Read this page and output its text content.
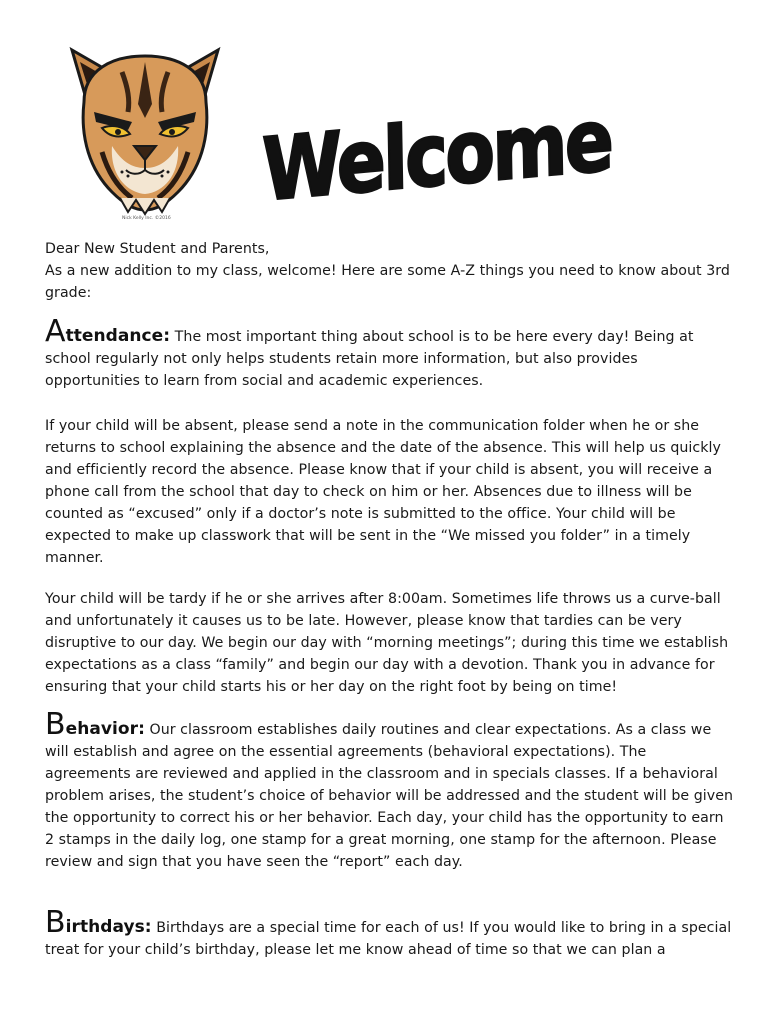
Nick Kelly Inc. ©2016 Welcome

Dear New Student and Parents,

As a new addition to my class, welcome! Here are some A-Z things you need to know about 3rd grade:

Attendance: The most important thing about school is to be here every day! Being at school regularly not only helps students retain more information, but also provides opportunities to learn from social and academic experiences.

If your child will be absent, please send a note in the communication folder when he or she returns to school explaining the absence and the date of the absence. This will help us quickly and efficiently record the absence. Please know that if your child is absent, you will receive a phone call from the school that day to check on him or her. Absences due to illness will be counted as “excused” only if a doctor’s note is submitted to the office. Your child will be expected to make up classwork that will be sent in the “We missed you folder” in a timely manner.

Your child will be tardy if he or she arrives after 8:00am. Sometimes life throws us a curve-ball and unfortunately it causes us to be late. However, please know that tardies can be very disruptive to our day. We begin our day with “morning meetings”; during this time we establish expectations as a class “family” and begin our day with a devotion. Thank you in advance for ensuring that your child starts his or her day on the right foot by being on time!

Behavior: Our classroom establishes daily routines and clear expectations. As a class we will establish and agree on the essential agreements (behavioral expectations). The agreements are reviewed and applied in the classroom and in specials classes. If a behavioral problem arises, the student’s choice of behavior will be addressed and the student will be given the opportunity to correct his or her behavior. Each day, your child has the opportunity to earn 2 stamps in the daily log, one stamp for a great morning, one stamp for the afternoon. Please review and sign that you have seen the “report” each day.

Birthdays: Birthdays are a special time for each of us! If you would like to bring in a special treat for your child’s birthday, please let me know ahead of time so that we can plan a
